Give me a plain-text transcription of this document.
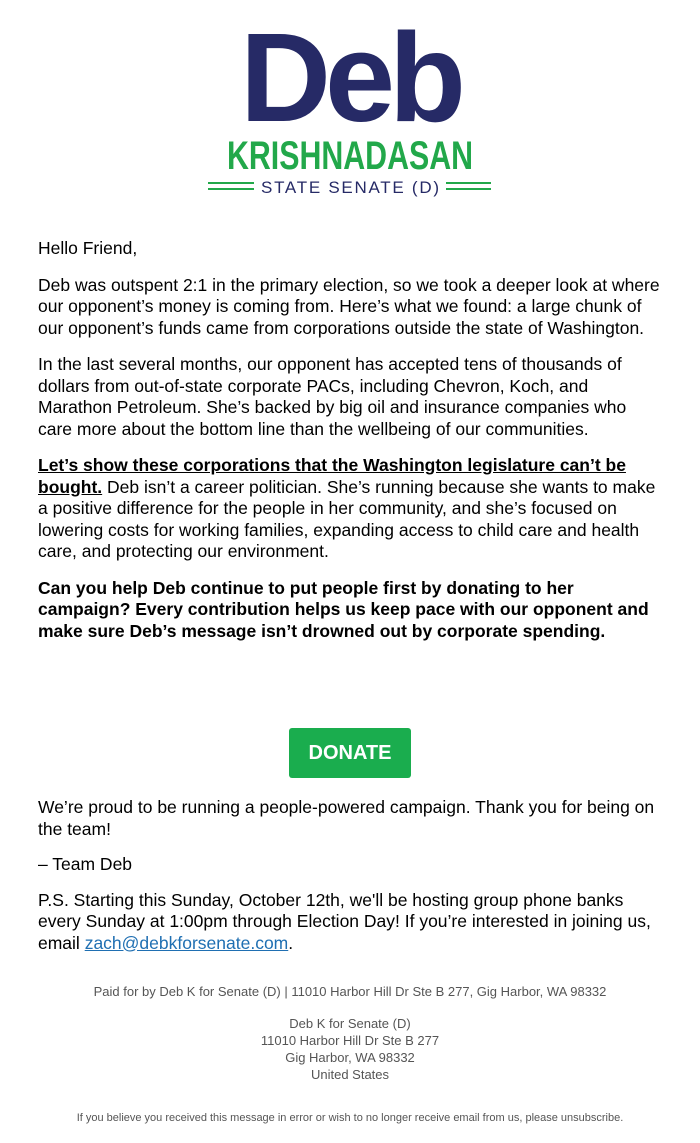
Deb
KRISHNADASAN
STATE SENATE (D)

Hello Friend,

Deb was outspent 2:1 in the primary election, so we took a deeper look at where our opponent’s money is coming from. Here’s what we found: a large chunk of our opponent’s funds came from corporations outside the state of Washington.

In the last several months, our opponent has accepted tens of thousands of dollars from out-of-state corporate PACs, including Chevron, Koch, and Marathon Petroleum. She’s backed by big oil and insurance companies who care more about the bottom line than the wellbeing of our communities.

Let’s show these corporations that the Washington legislature can’t be bought. Deb isn’t a career politician. She’s running because she wants to make a positive difference for the people in her community, and she’s focused on lowering costs for working families, expanding access to child care and health care, and protecting our environment.

Can you help Deb continue to put people first by donating to her campaign? Every contribution helps us keep pace with our opponent and make sure Deb’s message isn’t drowned out by corporate spending.

DONATE

We’re proud to be running a people-powered campaign. Thank you for being on the team!

– Team Deb

P.S. Starting this Sunday, October 12th, we'll be hosting group phone banks every Sunday at 1:00pm through Election Day! If you’re interested in joining us, email zach@debkforsenate.com.

Paid for by Deb K for Senate (D) | 11010 Harbor Hill Dr Ste B 277, Gig Harbor, WA 98332
Deb K for Senate (D)
11010 Harbor Hill Dr Ste B 277
Gig Harbor, WA 98332
United States
If you believe you received this message in error or wish to no longer receive email from us, please unsubscribe.
